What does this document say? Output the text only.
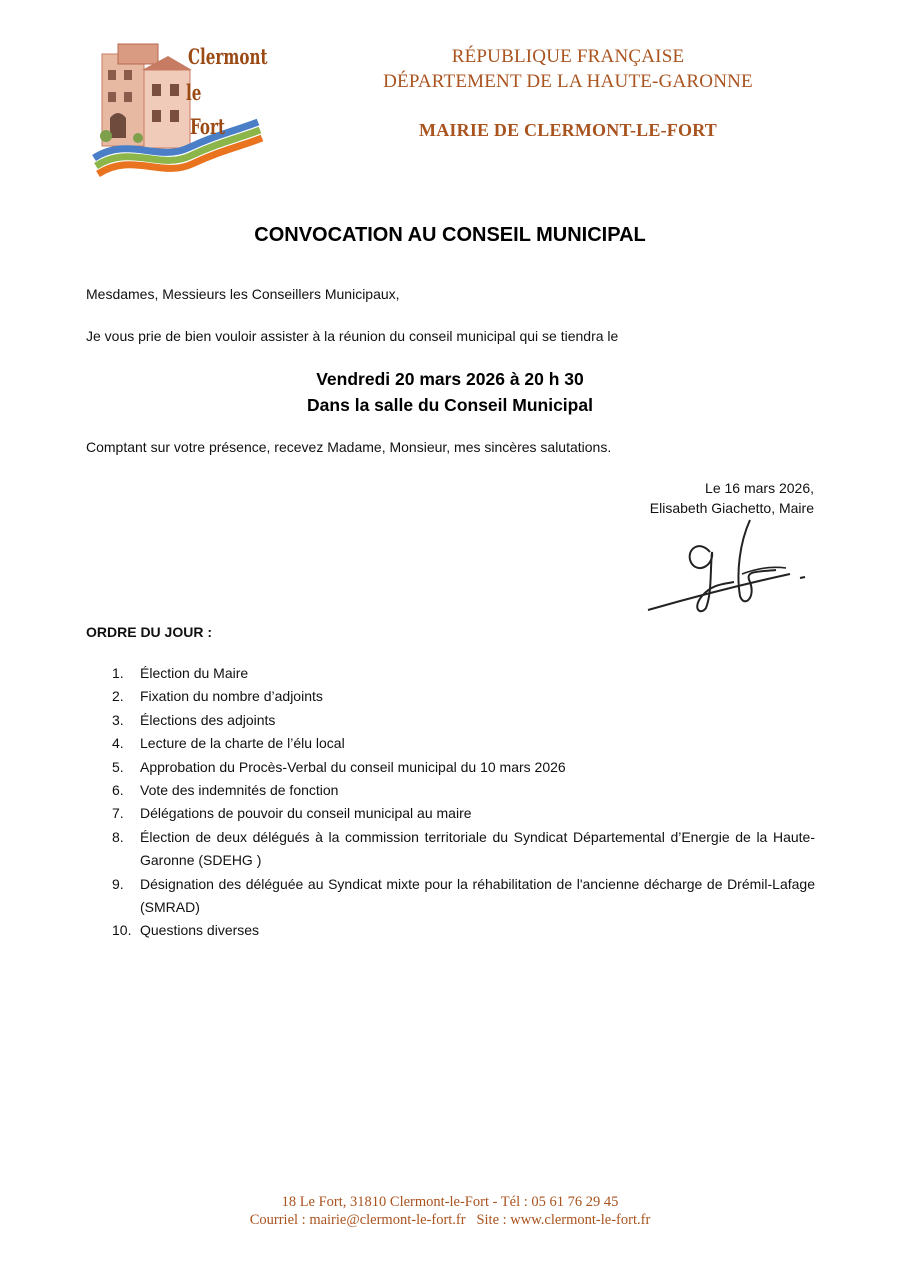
Clermont
le
Fort
RÉPUBLIQUE FRANÇAISE
DÉPARTEMENT DE LA HAUTE-GARONNE
MAIRIE DE CLERMONT-LE-FORT
CONVOCATION AU CONSEIL MUNICIPAL
Mesdames, Messieurs les Conseillers Municipaux,
Je vous prie de bien vouloir assister à la réunion du conseil municipal qui se tiendra le
Vendredi 20 mars 2026 à 20 h 30
Dans la salle du Conseil Municipal
Comptant sur votre présence, recevez Madame, Monsieur, mes sincères salutations.
Le 16 mars 2026,
Elisabeth Giachetto, Maire
ORDRE DU JOUR :
1. Élection du Maire
2. Fixation du nombre d’adjoints
3. Élections des adjoints
4. Lecture de la charte de l’élu local
5. Approbation du Procès-Verbal du conseil municipal du 10 mars 2026
6. Vote des indemnités de fonction
7. Délégations de pouvoir du conseil municipal au maire
8. Élection de deux délégués à la commission territoriale du Syndicat Départemental d’Energie de la Haute-Garonne (SDEHG )
9. Désignation des déléguée au Syndicat mixte pour la réhabilitation de l'ancienne décharge de Drémil-Lafage (SMRAD)
10. Questions diverses
18 Le Fort, 31810 Clermont-le-Fort - Tél : 05 61 76 29 45
Courriel : mairie@clermont-le-fort.fr   Site : www.clermont-le-fort.fr
